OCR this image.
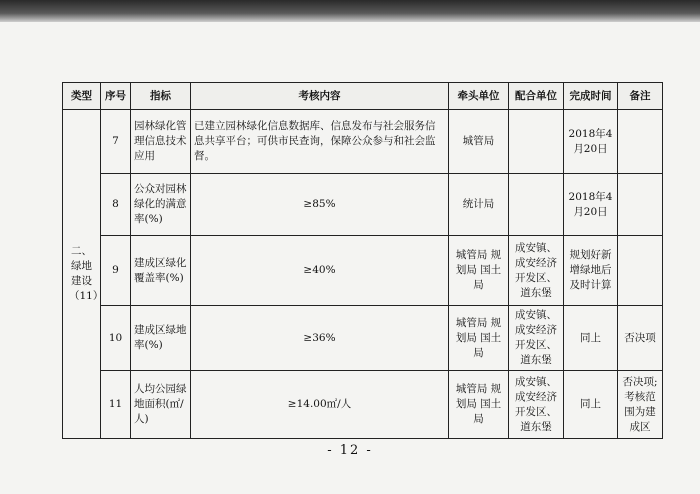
类型	序号	指标	考核内容	牵头单位	配合单位	完成时间	备注
二、绿地建设（11）	7	园林绿化管理信息技术应用	已建立园林绿化信息数据库、信息发布与社会服务信息共享平台；可供市民查询，保障公众参与和社会监督。	城管局		2018年4月20日	
	8	公众对园林绿化的满意率(%)	≥85%	统计局		2018年4月20日	
	9	建成区绿化覆盖率(%)	≥40%	城管局 规划局 国土局	成安镇、成安经济开发区、道东堡	规划好新增绿地后及时计算	
	10	建成区绿地率(%)	≥36%	城管局 规划局 国土局	成安镇、成安经济开发区、道东堡	同上	否决项
	11	人均公园绿地面积(㎡/人)	≥14.00㎡/人	城管局 规划局 国土局	成安镇、成安经济开发区、道东堡	同上	否决项;考核范围为建成区
- 12 -
